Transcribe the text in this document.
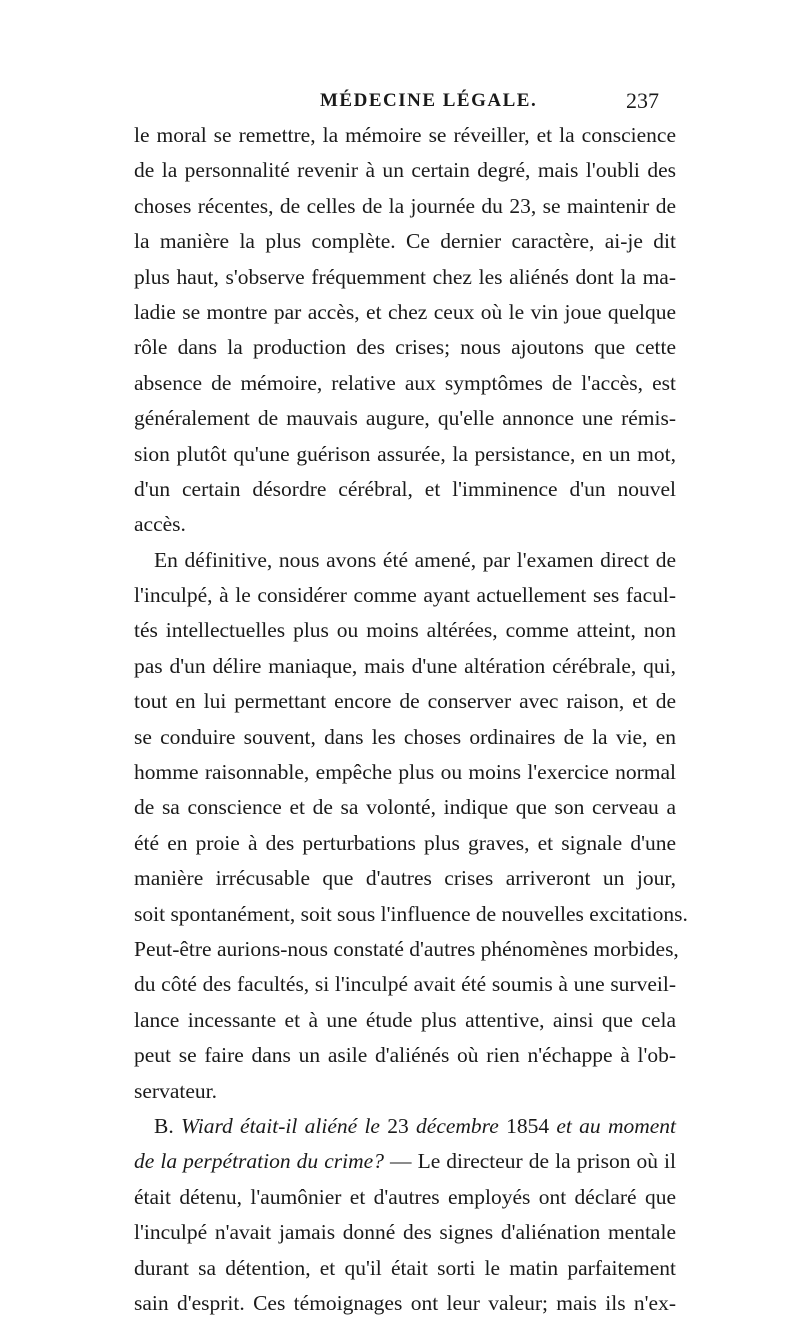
MÉDECINE LÉGALE.	237
le moral se remettre, la mémoire se réveiller, et la conscience
de la personnalité revenir à un certain degré, mais l'oubli des
choses récentes, de celles de la journée du 23, se maintenir de
la manière la plus complète. Ce dernier caractère, ai-je dit
plus haut, s'observe fréquemment chez les aliénés dont la ma-
ladie se montre par accès, et chez ceux où le vin joue quelque
rôle dans la production des crises; nous ajoutons que cette
absence de mémoire, relative aux symptômes de l'accès, est
généralement de mauvais augure, qu'elle annonce une rémis-
sion plutôt qu'une guérison assurée, la persistance, en un mot,
d'un certain désordre cérébral, et l'imminence d'un nouvel
accès.
En définitive, nous avons été amené, par l'examen direct de
l'inculpé, à le considérer comme ayant actuellement ses facul-
tés intellectuelles plus ou moins altérées, comme atteint, non
pas d'un délire maniaque, mais d'une altération cérébrale, qui,
tout en lui permettant encore de conserver avec raison, et de
se conduire souvent, dans les choses ordinaires de la vie, en
homme raisonnable, empêche plus ou moins l'exercice normal
de sa conscience et de sa volonté, indique que son cerveau a
été en proie à des perturbations plus graves, et signale d'une
manière irrécusable que d'autres crises arriveront un jour,
soit spontanément, soit sous l'influence de nouvelles excitations.
Peut-être aurions-nous constaté d'autres phénomènes morbides,
du côté des facultés, si l'inculpé avait été soumis à une surveil-
lance incessante et à une étude plus attentive, ainsi que cela
peut se faire dans un asile d'aliénés où rien n'échappe à l'ob-
servateur.
B. Wiard était-il aliéné le 23 décembre 1854 et au moment
de la perpétration du crime? — Le directeur de la prison où il
était détenu, l'aumônier et d'autres employés ont déclaré que
l'inculpé n'avait jamais donné des signes d'aliénation mentale
durant sa détention, et qu'il était sorti le matin parfaitement
sain d'esprit. Ces témoignages ont leur valeur; mais ils n'ex-
